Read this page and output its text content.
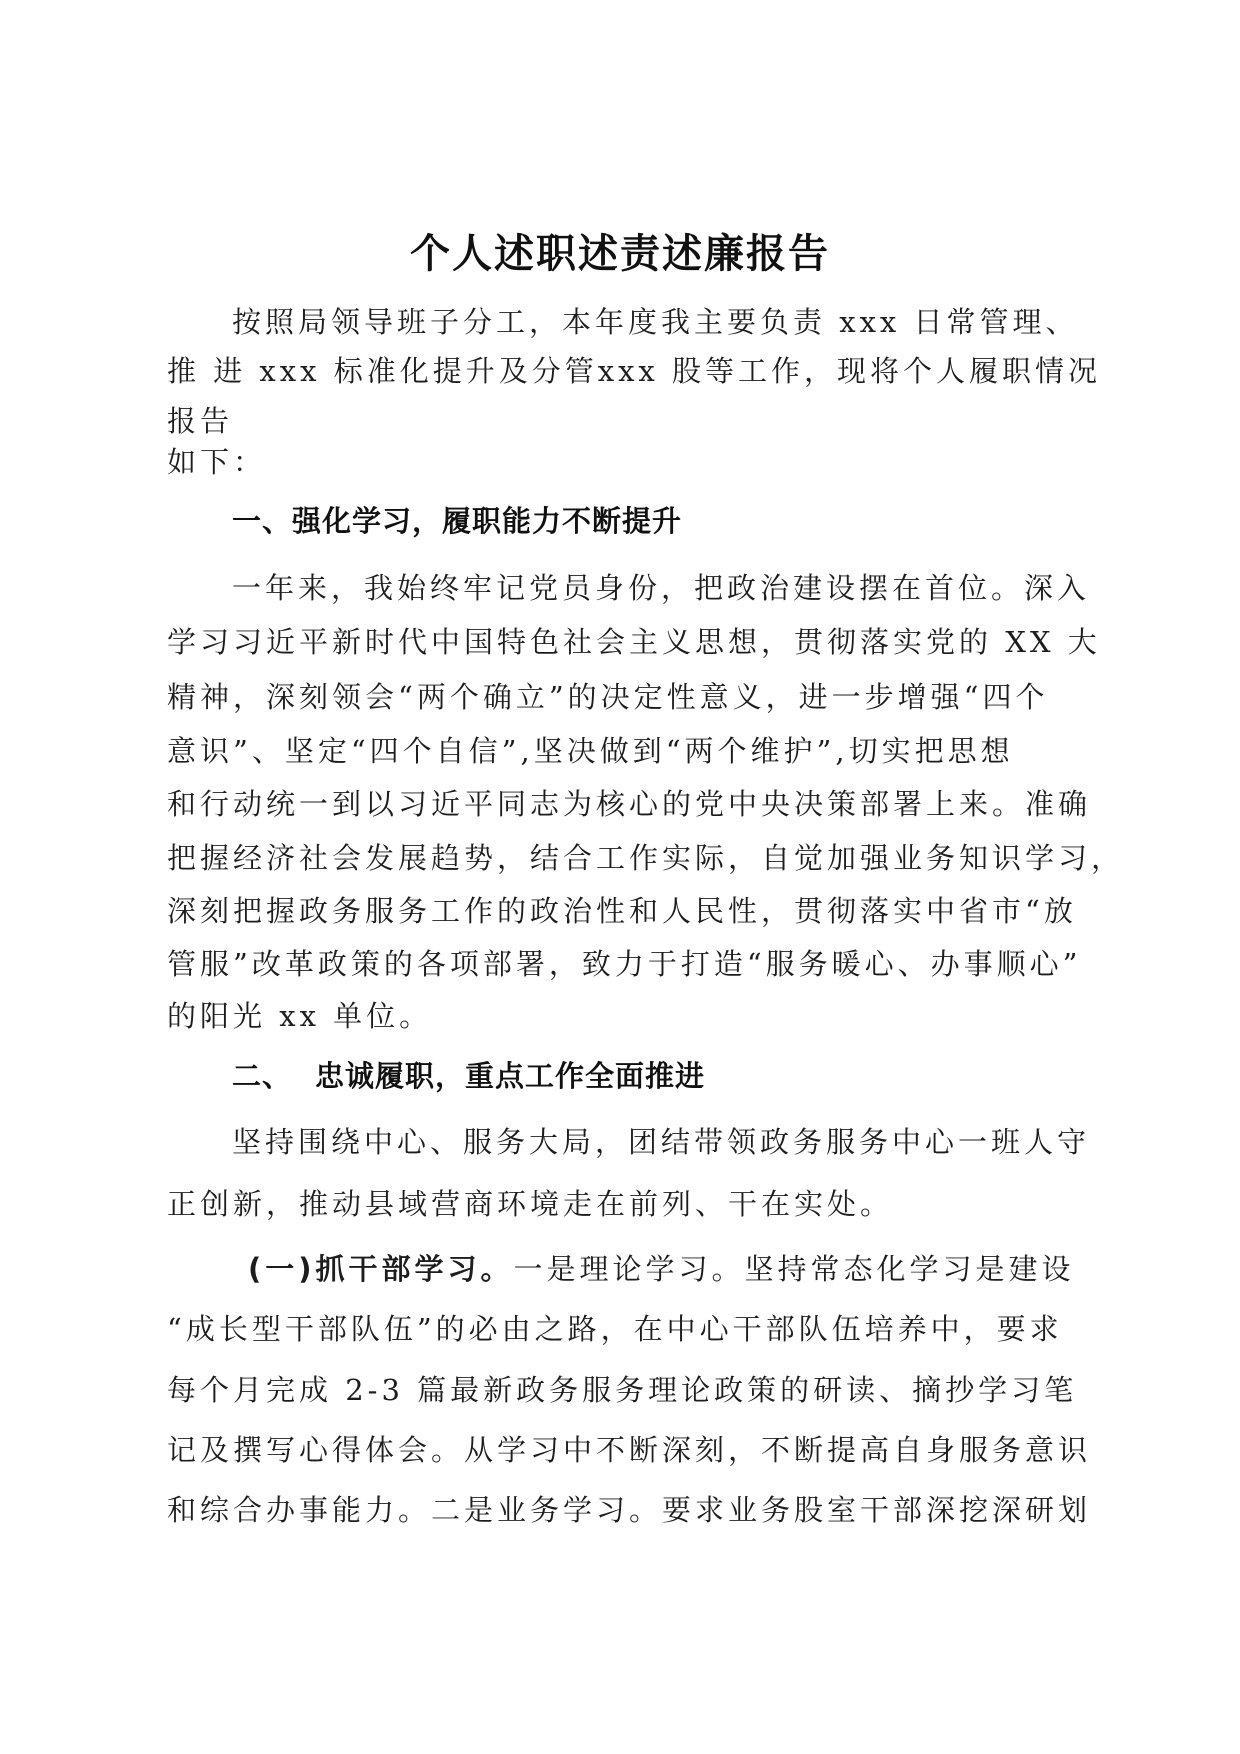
个人述职述责述廉报告
按照局领导班子分工，本年度我主要负责 xxx 日常管理、
推 进 xxx 标准化提升及分管xxx 股等工作，现将个人履职情况
报告
如下：
一、强化学习，履职能力不断提升
一年来，我始终牢记党员身份，把政治建设摆在首位。深入
学习习近平新时代中国特色社会主义思想，贯彻落实党的 XX 大
精神，深刻领会“两个确立”的决定性意义，进一步增强“四个
意识”、坚定“四个自信”,坚决做到“两个维护”,切实把思想
和行动统一到以习近平同志为核心的党中央决策部署上来。准确
把握经济社会发展趋势，结合工作实际，自觉加强业务知识学习，
深刻把握政务服务工作的政治性和人民性，贯彻落实中省市“放
管服”改革政策的各项部署，致力于打造“服务暖心、办事顺心”
的阳光 xx 单位。
二、 忠诚履职，重点工作全面推进
坚持围绕中心、服务大局，团结带领政务服务中心一班人守
正创新，推动县域营商环境走在前列、干在实处。
(一)抓干部学习。一是理论学习。坚持常态化学习是建设
“成长型干部队伍”的必由之路，在中心干部队伍培养中，要求
每个月完成 2-3 篇最新政务服务理论政策的研读、摘抄学习笔
记及撰写心得体会。从学习中不断深刻，不断提高自身服务意识
和综合办事能力。二是业务学习。要求业务股室干部深挖深研划
